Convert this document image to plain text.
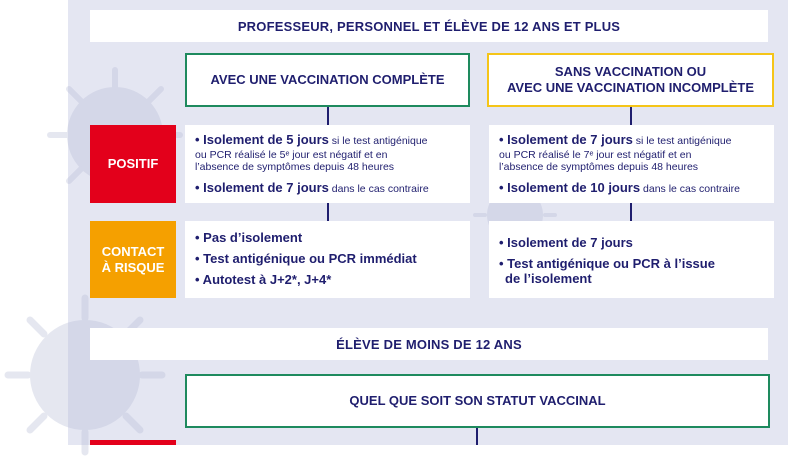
PROFESSEUR, PERSONNEL ET ÉLÈVE DE 12 ANS ET PLUS
AVEC UNE VACCINATION COMPLÈTE
SANS VACCINATION OU
AVEC UNE VACCINATION INCOMPLÈTE
POSITIF
• Isolement de 5 jours si le test antigénique
ou PCR réalisé le 5ᵉ jour est négatif et en
l’absence de symptômes depuis 48 heures
• Isolement de 7 jours dans le cas contraire
• Isolement de 7 jours si le test antigénique
ou PCR réalisé le 7ᵉ jour est négatif et en
l’absence de symptômes depuis 48 heures
• Isolement de 10 jours dans le cas contraire
CONTACT
À RISQUE
• Pas d’isolement
• Test antigénique ou PCR immédiat
• Autotest à J+2*, J+4*
• Isolement de 7 jours
• Test antigénique ou PCR à l’issue
de l’isolement
ÉLÈVE DE MOINS DE 12 ANS
QUEL QUE SOIT SON STATUT VACCINAL
